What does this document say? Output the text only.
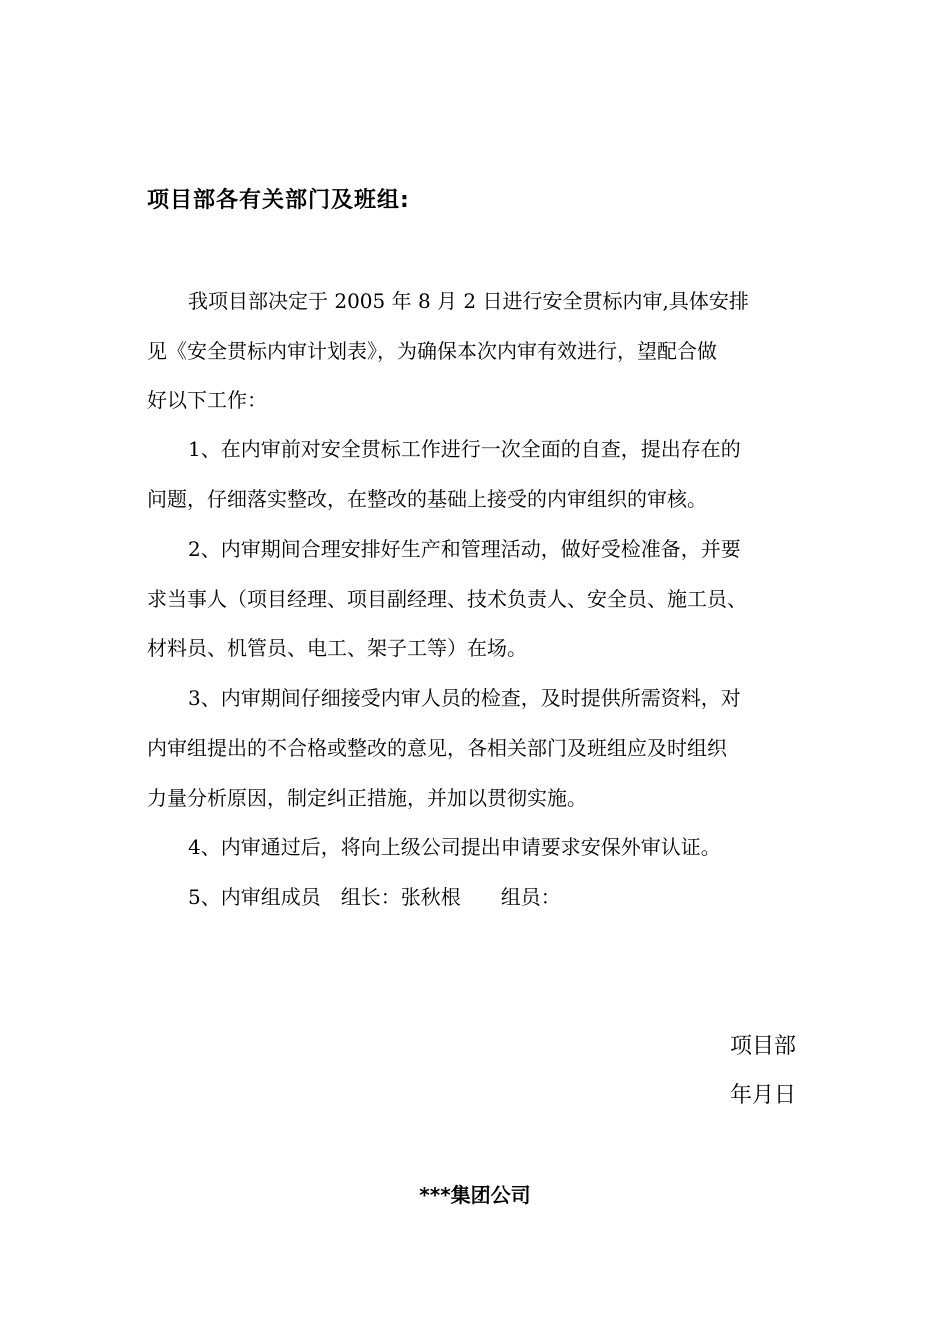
项目部各有关部门及班组:
我项目部决定于 2005 年 8 月 2 日进行安全贯标内审,具体安排
见《安全贯标内审计划表》，为确保本次内审有效进行，望配合做
好以下工作：
1、在内审前对安全贯标工作进行一次全面的自查，提出存在的
问题，仔细落实整改，在整改的基础上接受的内审组织的审核。
2、内审期间合理安排好生产和管理活动，做好受检准备，并要
求当事人（项目经理、项目副经理、技术负责人、安全员、施工员、
材料员、机管员、电工、架子工等）在场。
3、内审期间仔细接受内审人员的检查，及时提供所需资料，对
内审组提出的不合格或整改的意见，各相关部门及班组应及时组织
力量分析原因，制定纠正措施，并加以贯彻实施。
4、内审通过后，将向上级公司提出申请要求安保外审认证。
5、内审组成员　组长：张秋根　　组员：
项目部
年月日
***集团公司
